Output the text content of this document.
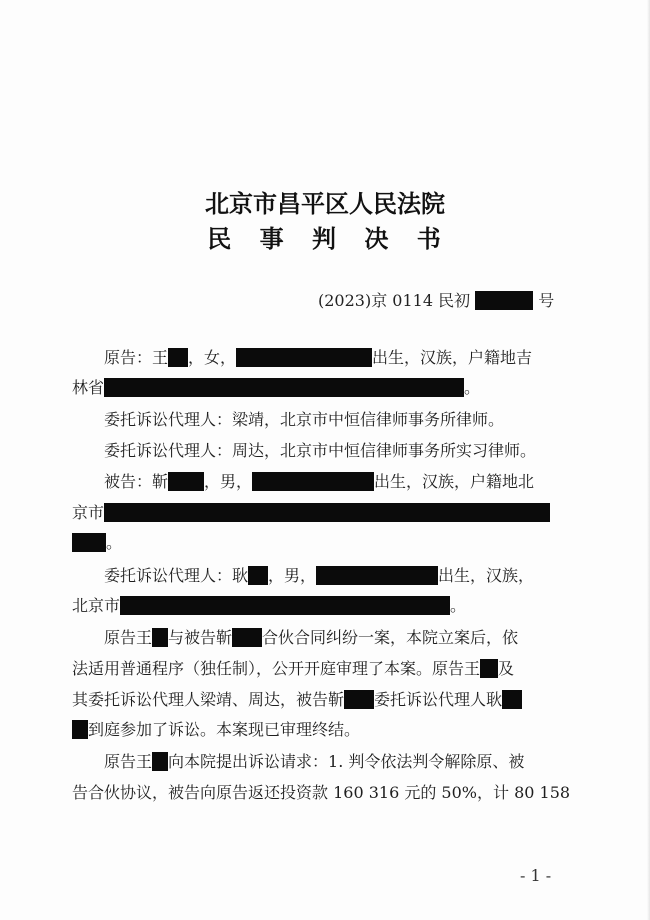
北京市昌平区人民法院
民 事 判 决 书
(2023)京 0114 民初	号
原告：王 ，女，	出生，汉族，户籍地吉
林省	。
委托诉讼代理人：梁靖，北京市中恒信律师事务所律师。
委托诉讼代理人：周达，北京市中恒信律师事务所实习律师。
被告：靳 ，男，	出生，汉族，户籍地北
京市
。
委托诉讼代理人：耿 ，男，	出生，汉族，
北京市	。
原告王 与被告靳 合伙合同纠纷一案，本院立案后，依
法适用普通程序（独任制），公开开庭审理了本案。原告王 及
其委托诉讼代理人梁靖、周达，被告靳 委托诉讼代理人耿
到庭参加了诉讼。本案现已审理终结。
原告王 向本院提出诉讼请求：1. 判令依法判令解除原、被
告合伙协议，被告向原告返还投资款 160 316 元的 50%，计 80 158
- 1 -
